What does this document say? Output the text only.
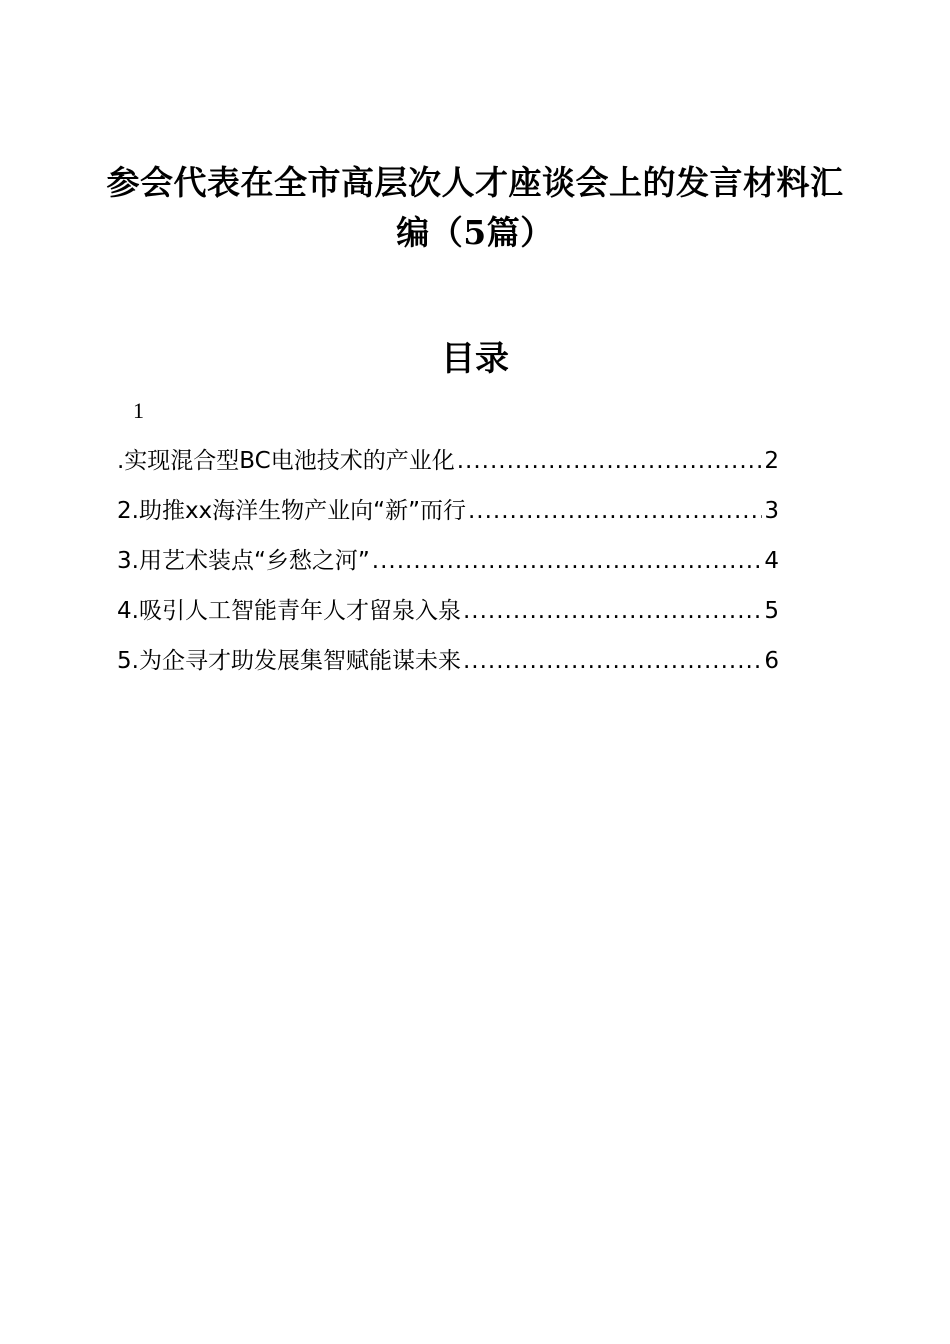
参会代表在全市高层次人才座谈会上的发言材料汇编（5篇）
目录
1
.实现混合型BC电池技术的产业化 .....	2
2.助推xx海洋生物产业向“新”而行 .....	3
3.用艺术装点“乡愁之河” .....	4
4.吸引人工智能青年人才留泉入泉 .....	5
5.为企寻才助发展集智赋能谋未来 .....	6
